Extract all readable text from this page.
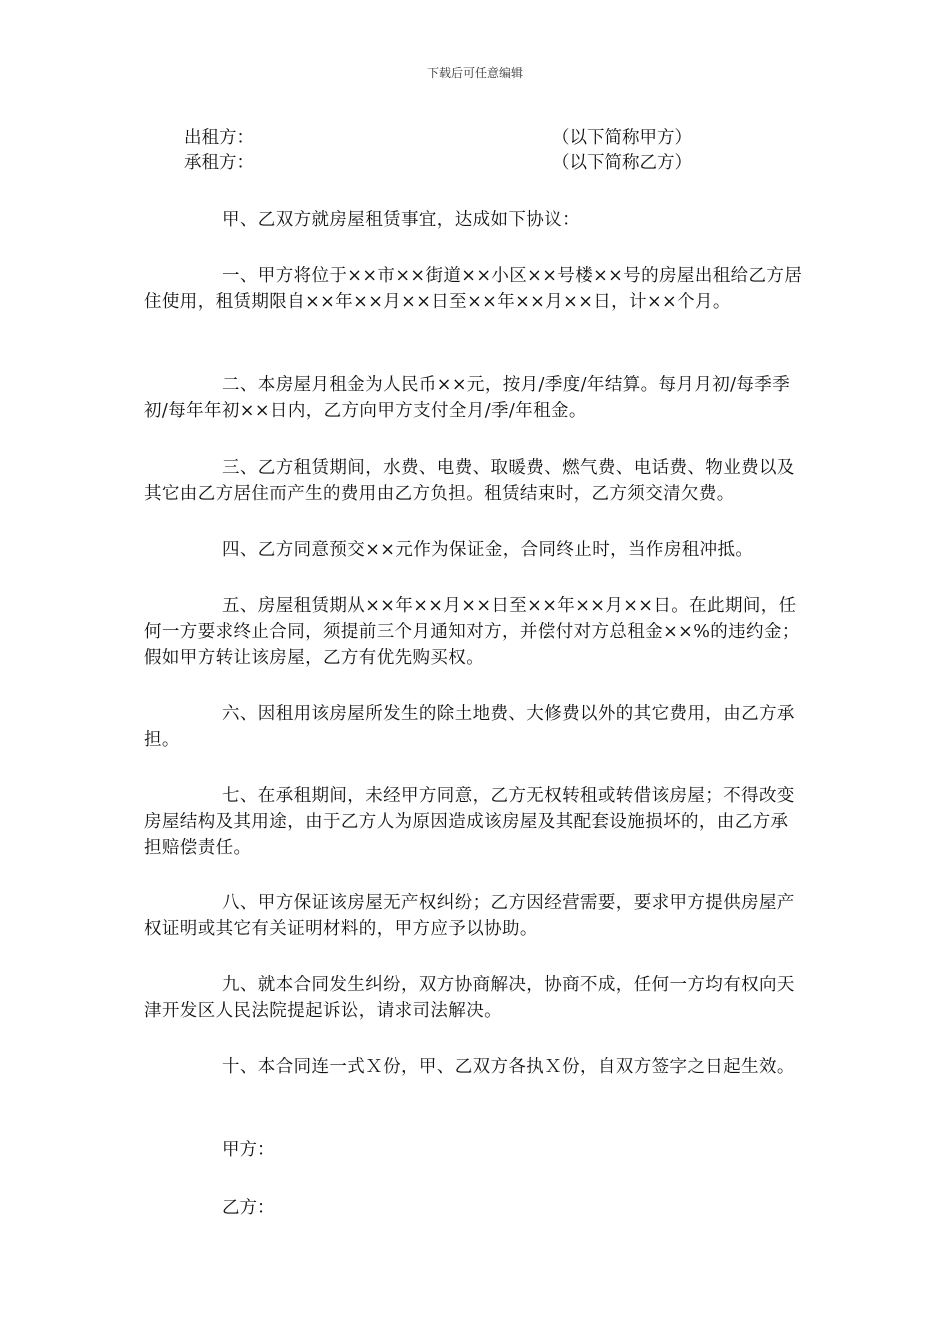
下载后可任意编辑
出租方：	（以下简称甲方）
承租方：	（以下简称乙方）
甲、乙双方就房屋租赁事宜，达成如下协议：
一、甲方将位于××市××街道××小区××号楼××号的房屋出租给乙方居住使用，租赁期限自××年××月××日至××年××月××日，计××个月。
二、本房屋月租金为人民币××元，按月/季度/年结算。每月月初/每季季初/每年年初××日内，乙方向甲方支付全月/季/年租金。
三、乙方租赁期间，水费、电费、取暖费、燃气费、电话费、物业费以及其它由乙方居住而产生的费用由乙方负担。租赁结束时，乙方须交清欠费。
四、乙方同意预交××元作为保证金，合同终止时，当作房租冲抵。
五、房屋租赁期从××年××月××日至××年××月××日。在此期间，任何一方要求终止合同，须提前三个月通知对方，并偿付对方总租金××%的违约金；假如甲方转让该房屋，乙方有优先购买权。
六、因租用该房屋所发生的除土地费、大修费以外的其它费用，由乙方承担。
七、在承租期间，未经甲方同意，乙方无权转租或转借该房屋；不得改变房屋结构及其用途，由于乙方人为原因造成该房屋及其配套设施损坏的，由乙方承担赔偿责任。
八、甲方保证该房屋无产权纠纷；乙方因经营需要，要求甲方提供房屋产权证明或其它有关证明材料的，甲方应予以协助。
九、就本合同发生纠纷，双方协商解决，协商不成，任何一方均有权向天津开发区人民法院提起诉讼，请求司法解决。
十、本合同连一式Ｘ份，甲、乙双方各执Ｘ份，自双方签字之日起生效。
甲方：
乙方：
